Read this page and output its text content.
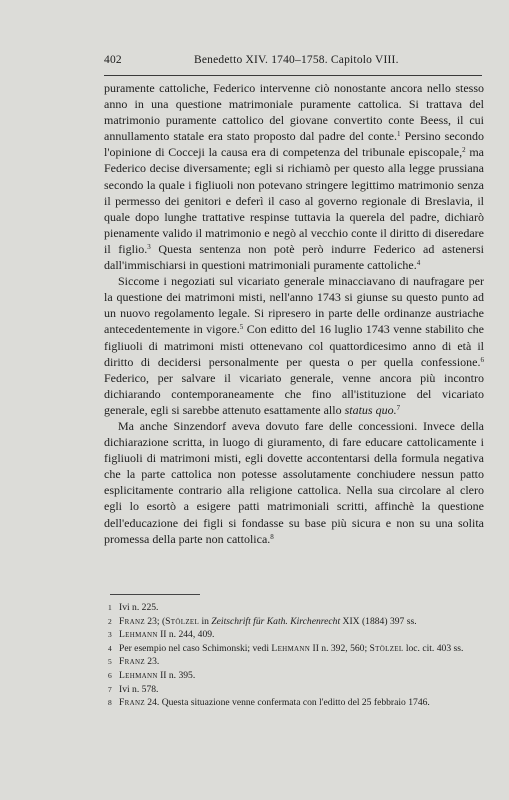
402	Benedetto XIV. 1740–1758. Capitolo VIII.

puramente cattoliche, Federico intervenne ciò nonostante ancora nello stesso anno in una questione matrimoniale puramente cattolica. Si trattava del matrimonio puramente cattolico del giovane convertito conte Beess, il cui annullamento statale era stato proposto dal padre del conte.$^1$ Persino secondo l'opinione di Cocceji la causa era di competenza del tribunale episcopale,$^2$ ma Federico decise diversamente; egli si richiamò per questo alla legge prussiana secondo la quale i figliuoli non potevano stringere legittimo matrimonio senza il permesso dei genitori e deferì il caso al governo regionale di Breslavia, il quale dopo lunghe trattative respinse tuttavia la querela del padre, dichiarò pienamente valido il matrimonio e negò al vecchio conte il diritto di diseredare il figlio.$^3$ Questa sentenza non potè però indurre Federico ad astenersi dall'immischiarsi in questioni matrimoniali puramente cattoliche.$^4$

Siccome i negoziati sul vicariato generale minacciavano di naufragare per la questione dei matrimoni misti, nell'anno 1743 si giunse su questo punto ad un nuovo regolamento legale. Si ripresero in parte delle ordinanze austriache antecedentemente in vigore.$^5$ Con editto del 16 luglio 1743 venne stabilito che figliuoli di matrimoni misti ottenevano col quattordicesimo anno di età il diritto di decidersi personalmente per questa o per quella confessione.$^6$ Federico, per salvare il vicariato generale, venne ancora più incontro dichiarando contemporaneamente che fino all'istituzione del vicariato generale, egli si sarebbe attenuto esattamente allo status quo.$^7$

Ma anche Sinzendorf aveva dovuto fare delle concessioni. Invece della dichiarazione scritta, in luogo di giuramento, di fare educare cattolicamente i figliuoli di matrimoni misti, egli dovette accontentarsi della formula negativa che la parte cattolica non potesse assolutamente conchiudere nessun patto esplicitamente contrario alla religione cattolica. Nella sua circolare al clero egli lo esortò a esigere patti matrimoniali scritti, affinchè la questione dell'educazione dei figli si fondasse su base più sicura e non su una solita promessa della parte non cattolica.$^8$

1 Ivi n. 225.
2 Franz 23; (Stölzel in Zeitschrift für Kath. Kirchenrecht XIX (1884) 397 ss.
3 Lehmann II n. 244, 409.
4 Per esempio nel caso Schimonski; vedi Lehmann II n. 392, 560; Stölzel loc. cit. 403 ss.
5 Franz 23.
6 Lehmann II n. 395.
7 Ivi n. 578.
8 Franz 24. Questa situazione venne confermata con l'editto del 25 febbraio 1746.
